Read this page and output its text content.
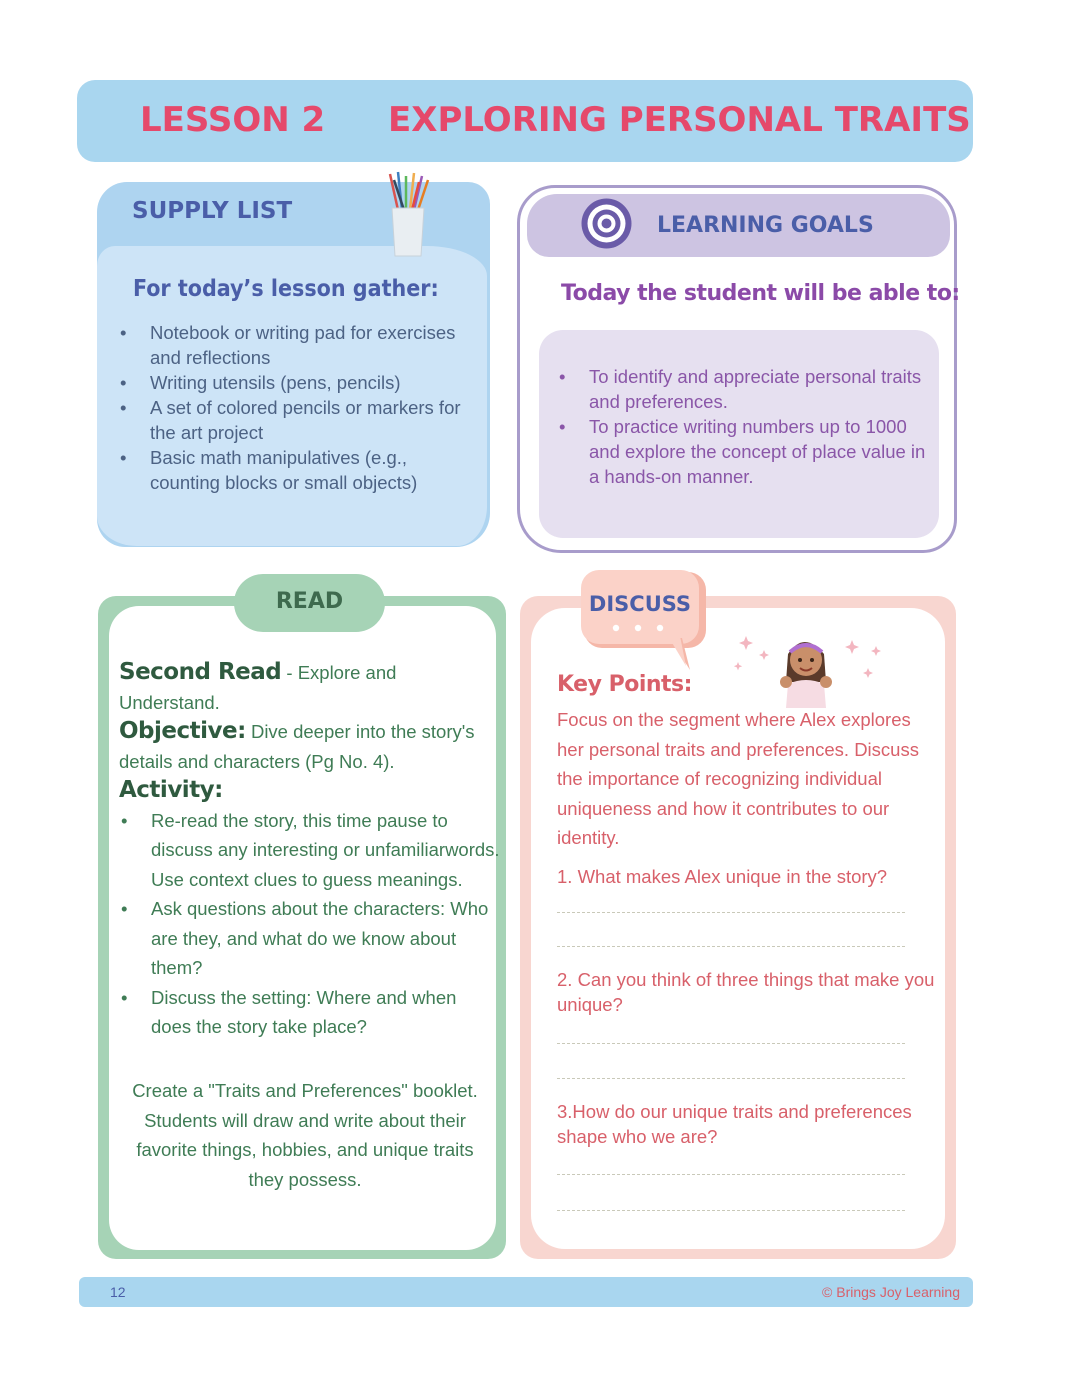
LESSON 2 EXPLORING PERSONAL TRAITS
SUPPLY LIST
For today’s lesson gather:
• Notebook or writing pad for exercises and reflections
• Writing utensils (pens, pencils)
• A set of colored pencils or markers for the art project
• Basic math manipulatives (e.g., counting blocks or small objects)
LEARNING GOALS
Today the student will be able to:
• To identify and appreciate personal traits and preferences.
• To practice writing numbers up to 1000 and explore the concept of place value in a hands-on manner.
READ
Second Read - Explore and Understand.
Objective: Dive deeper into the story's details and characters (Pg No. 4).
Activity:
• Re-read the story, this time pause to discuss any interesting or unfamiliarwords. Use context clues to guess meanings.
• Ask questions about the characters: Who are they, and what do we know about them?
• Discuss the setting: Where and when does the story take place?
Create a "Traits and Preferences" booklet. Students will draw and write about their favorite things, hobbies, and unique traits they possess.
DISCUSS
Key Points:
Focus on the segment where Alex explores her personal traits and preferences. Discuss the importance of recognizing individual uniqueness and how it contributes to our identity.
1. What makes Alex unique in the story?
2. Can you think of three things that make you unique?
3.How do our unique traits and preferences shape who we are?
12	© Brings Joy Learning
